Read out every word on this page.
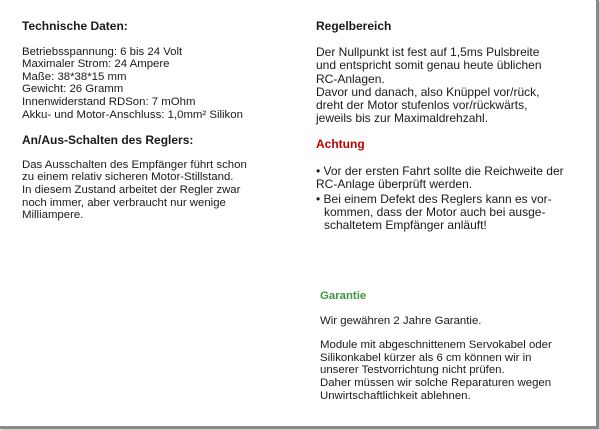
Technische Daten:

Betriebsspannung: 6 bis 24 Volt

Maximaler Strom: 24 Ampere

Maße: 38*38*15 mm

Gewicht: 26 Gramm

Innenwiderstand RDSon: 7 mOhm

Akku- und Motor-Anschluss: 1,0mm² Silikon

An/Aus-Schalten des Reglers:

Das Ausschalten des Empfänger führt schon

zu einem relativ sicheren Motor-Stillstand.

In diesem Zustand arbeitet der Regler zwar

noch immer, aber verbraucht nur wenige

Milliampere.

Regelbereich

Der Nullpunkt ist fest auf 1,5ms Pulsbreite

und entspricht somit genau heute üblichen

RC-Anlagen.

Davor und danach, also Knüppel vor/rück,

dreht der Motor stufenlos vor/rückwärts,

jeweils bis zur Maximaldrehzahl.

Achtung

• Vor der ersten Fahrt sollte die Reichweite der

RC-Anlage überprüft werden.

• Bei einem Defekt des Reglers kann es vor-

kommen, dass der Motor auch bei ausge-

schaltetem Empfänger anläuft!

Garantie

Wir gewähren 2 Jahre Garantie.

Module mit abgeschnittenem Servokabel oder

Silikonkabel kürzer als 6 cm können wir in

unserer Testvorrichtung nicht prüfen.

Daher müssen wir solche Reparaturen wegen

Unwirtschaftlichkeit ablehnen.
